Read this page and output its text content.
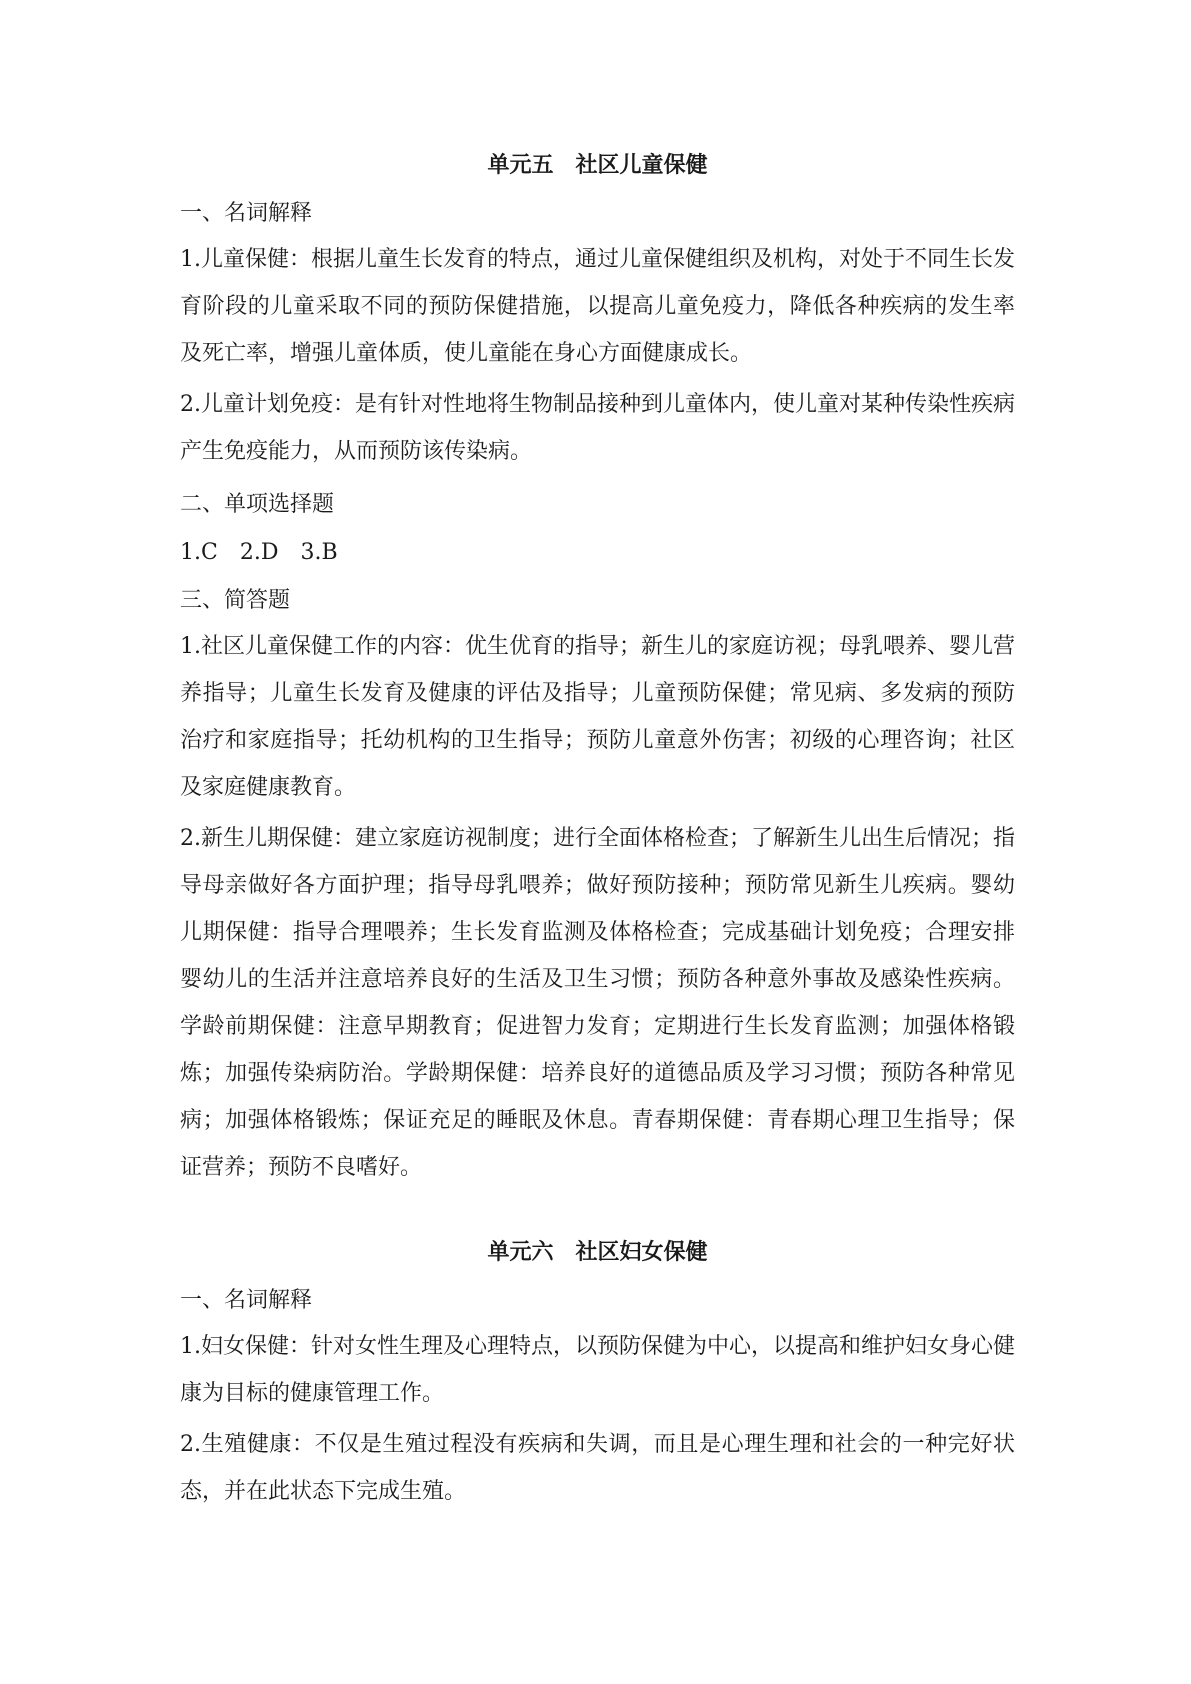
单元五　社区儿童保健
一、名词解释

1.儿童保健：根据儿童生长发育的特点，通过儿童保健组织及机构，对处于不同生长发育阶段的儿童采取不同的预防保健措施，以提高儿童免疫力，降低各种疾病的发生率及死亡率，增强儿童体质，使儿童能在身心方面健康成长。

2.儿童计划免疫：是有针对性地将生物制品接种到儿童体内，使儿童对某种传染性疾病产生免疫能力，从而预防该传染病。

二、单项选择题
1.C　2.D　3.B
三、简答题

1.社区儿童保健工作的内容：优生优育的指导；新生儿的家庭访视；母乳喂养、婴儿营养指导；儿童生长发育及健康的评估及指导；儿童预防保健；常见病、多发病的预防治疗和家庭指导；托幼机构的卫生指导；预防儿童意外伤害；初级的心理咨询；社区及家庭健康教育。

2.新生儿期保健：建立家庭访视制度；进行全面体格检查；了解新生儿出生后情况；指导母亲做好各方面护理；指导母乳喂养；做好预防接种；预防常见新生儿疾病。婴幼儿期保健：指导合理喂养；生长发育监测及体格检查；完成基础计划免疫；合理安排婴幼儿的生活并注意培养良好的生活及卫生习惯；预防各种意外事故及感染性疾病。学龄前期保健：注意早期教育；促进智力发育；定期进行生长发育监测；加强体格锻炼；加强传染病防治。学龄期保健：培养良好的道德品质及学习习惯；预防各种常见病；加强体格锻炼；保证充足的睡眠及休息。青春期保健：青春期心理卫生指导；保证营养；预防不良嗜好。

单元六　社区妇女保健
一、名词解释

1.妇女保健：针对女性生理及心理特点，以预防保健为中心，以提高和维护妇女身心健康为目标的健康管理工作。

2.生殖健康：不仅是生殖过程没有疾病和失调，而且是心理生理和社会的一种完好状态，并在此状态下完成生殖。
